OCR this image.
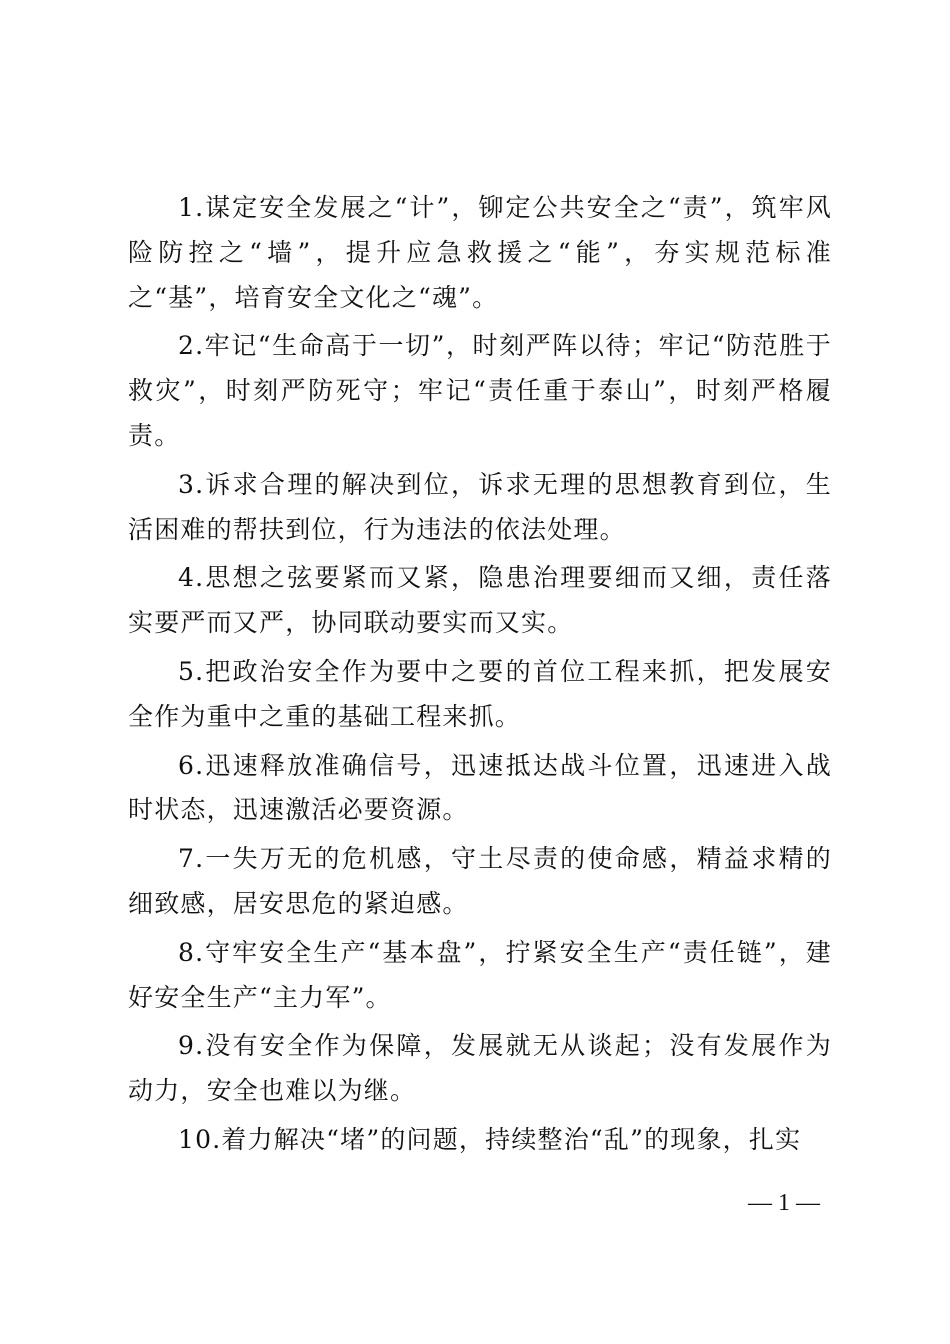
1.谋定安全发展之“计”，铆定公共安全之“责”，筑牢风险防控之“墙”，提升应急救援之“能”，夯实规范标准之“基”，培育安全文化之“魂”。

2.牢记“生命高于一切”，时刻严阵以待；牢记“防范胜于救灾”，时刻严防死守；牢记“责任重于泰山”，时刻严格履责。

3.诉求合理的解决到位，诉求无理的思想教育到位，生活困难的帮扶到位，行为违法的依法处理。

4.思想之弦要紧而又紧，隐患治理要细而又细，责任落实要严而又严，协同联动要实而又实。

5.把政治安全作为要中之要的首位工程来抓，把发展安全作为重中之重的基础工程来抓。

6.迅速释放准确信号，迅速抵达战斗位置，迅速进入战时状态，迅速激活必要资源。

7.一失万无的危机感，守土尽责的使命感，精益求精的细致感，居安思危的紧迫感。

8.守牢安全生产“基本盘”，拧紧安全生产“责任链”，建好安全生产“主力军”。

9.没有安全作为保障，发展就无从谈起；没有发展作为动力，安全也难以为继。

10.着力解决“堵”的问题，持续整治“乱”的现象，扎实

— 1 —
